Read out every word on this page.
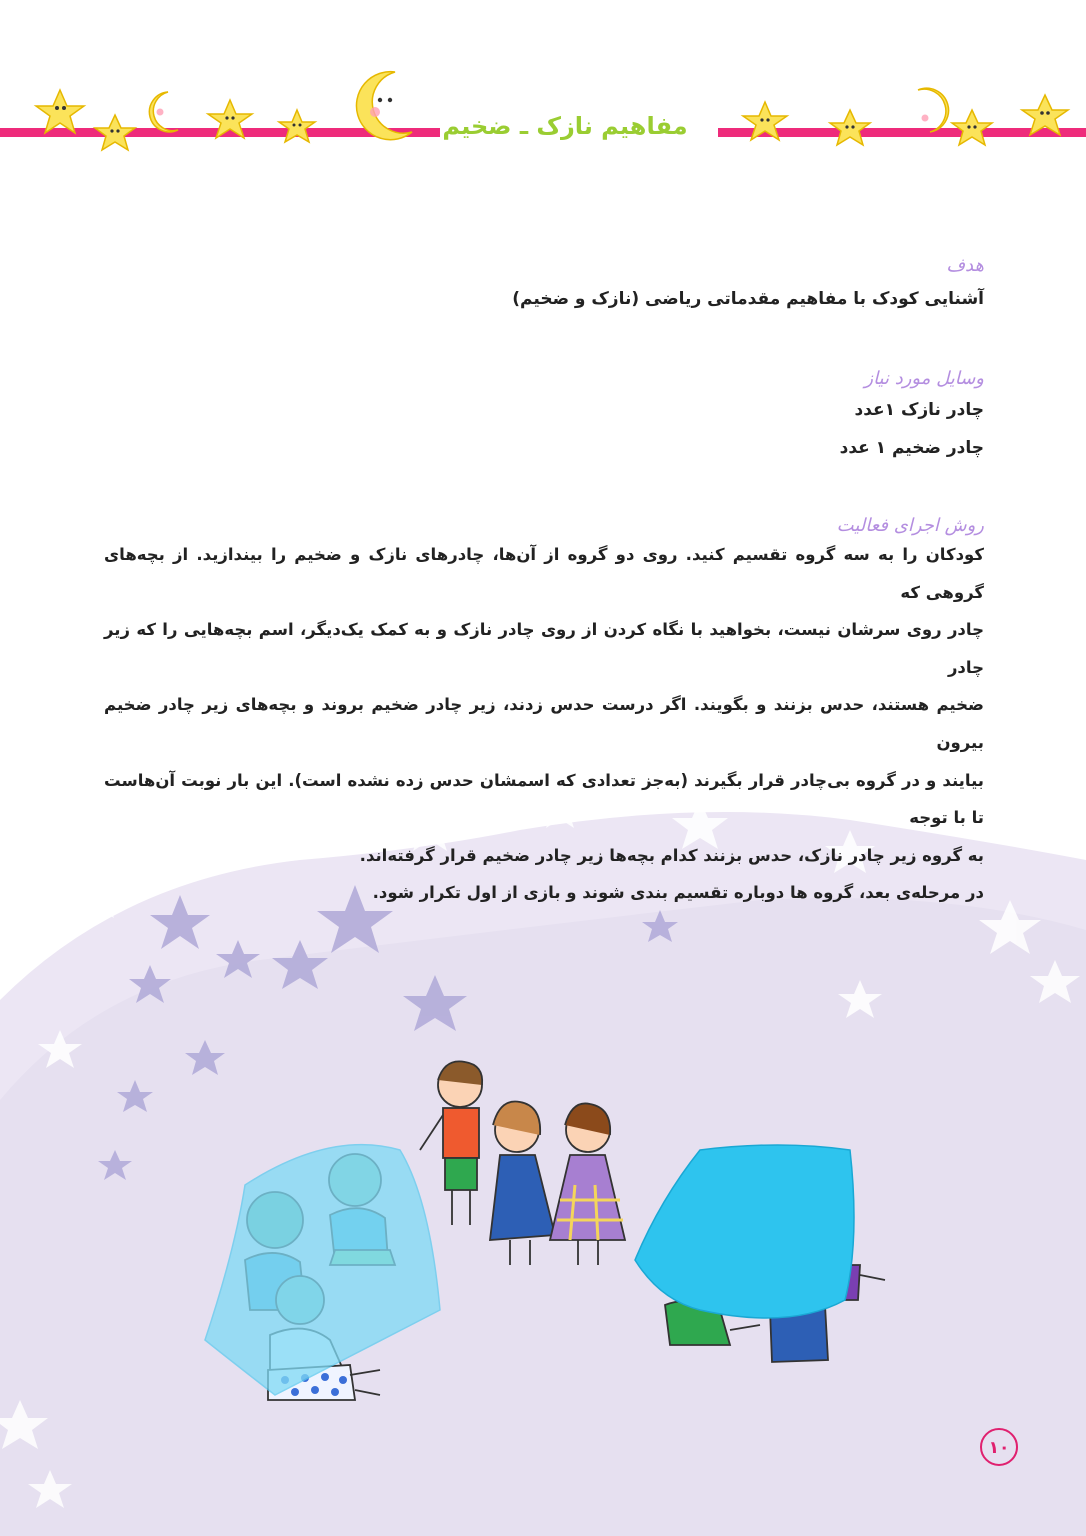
مفاهیم نازک ـ ضخیم
هدف
آشنایی کودک با مفاهیم مقدماتی ریاضی (نازک و ضخیم)
وسایل مورد نیاز
چادر نازک ۱عدد
چادر ضخیم ۱ عدد
روش اجرای فعالیت
کودکان را به سه گروه تقسیم کنید. روی دو گروه از آن‌ها، چادرهای نازک و ضخیم را بیندازید. از بچه‌های گروهی که
چادر روی سرشان نیست، بخواهید با نگاه کردن از روی چادر نازک و به کمک یک‌دیگر، اسم بچه‌هایی را که زیر چادر
ضخیم هستند، حدس بزنند و بگویند. اگر درست حدس زدند، زیر چادر ضخیم بروند و بچه‌های زیر چادر ضخیم بیرون
بیایند و در گروه بی‌چادر قرار بگیرند (به‌جز تعدادی که اسمشان حدس زده نشده است). این بار نوبت آن‌هاست تا با توجه
به گروه زیر چادر نازک، حدس بزنند کدام بچه‌ها زیر چادر ضخیم قرار گرفته‌اند.
در مرحله‌ی بعد، گروه ها دوباره تقسیم بندی شوند و بازی از اول تکرار شود.
۱۰
